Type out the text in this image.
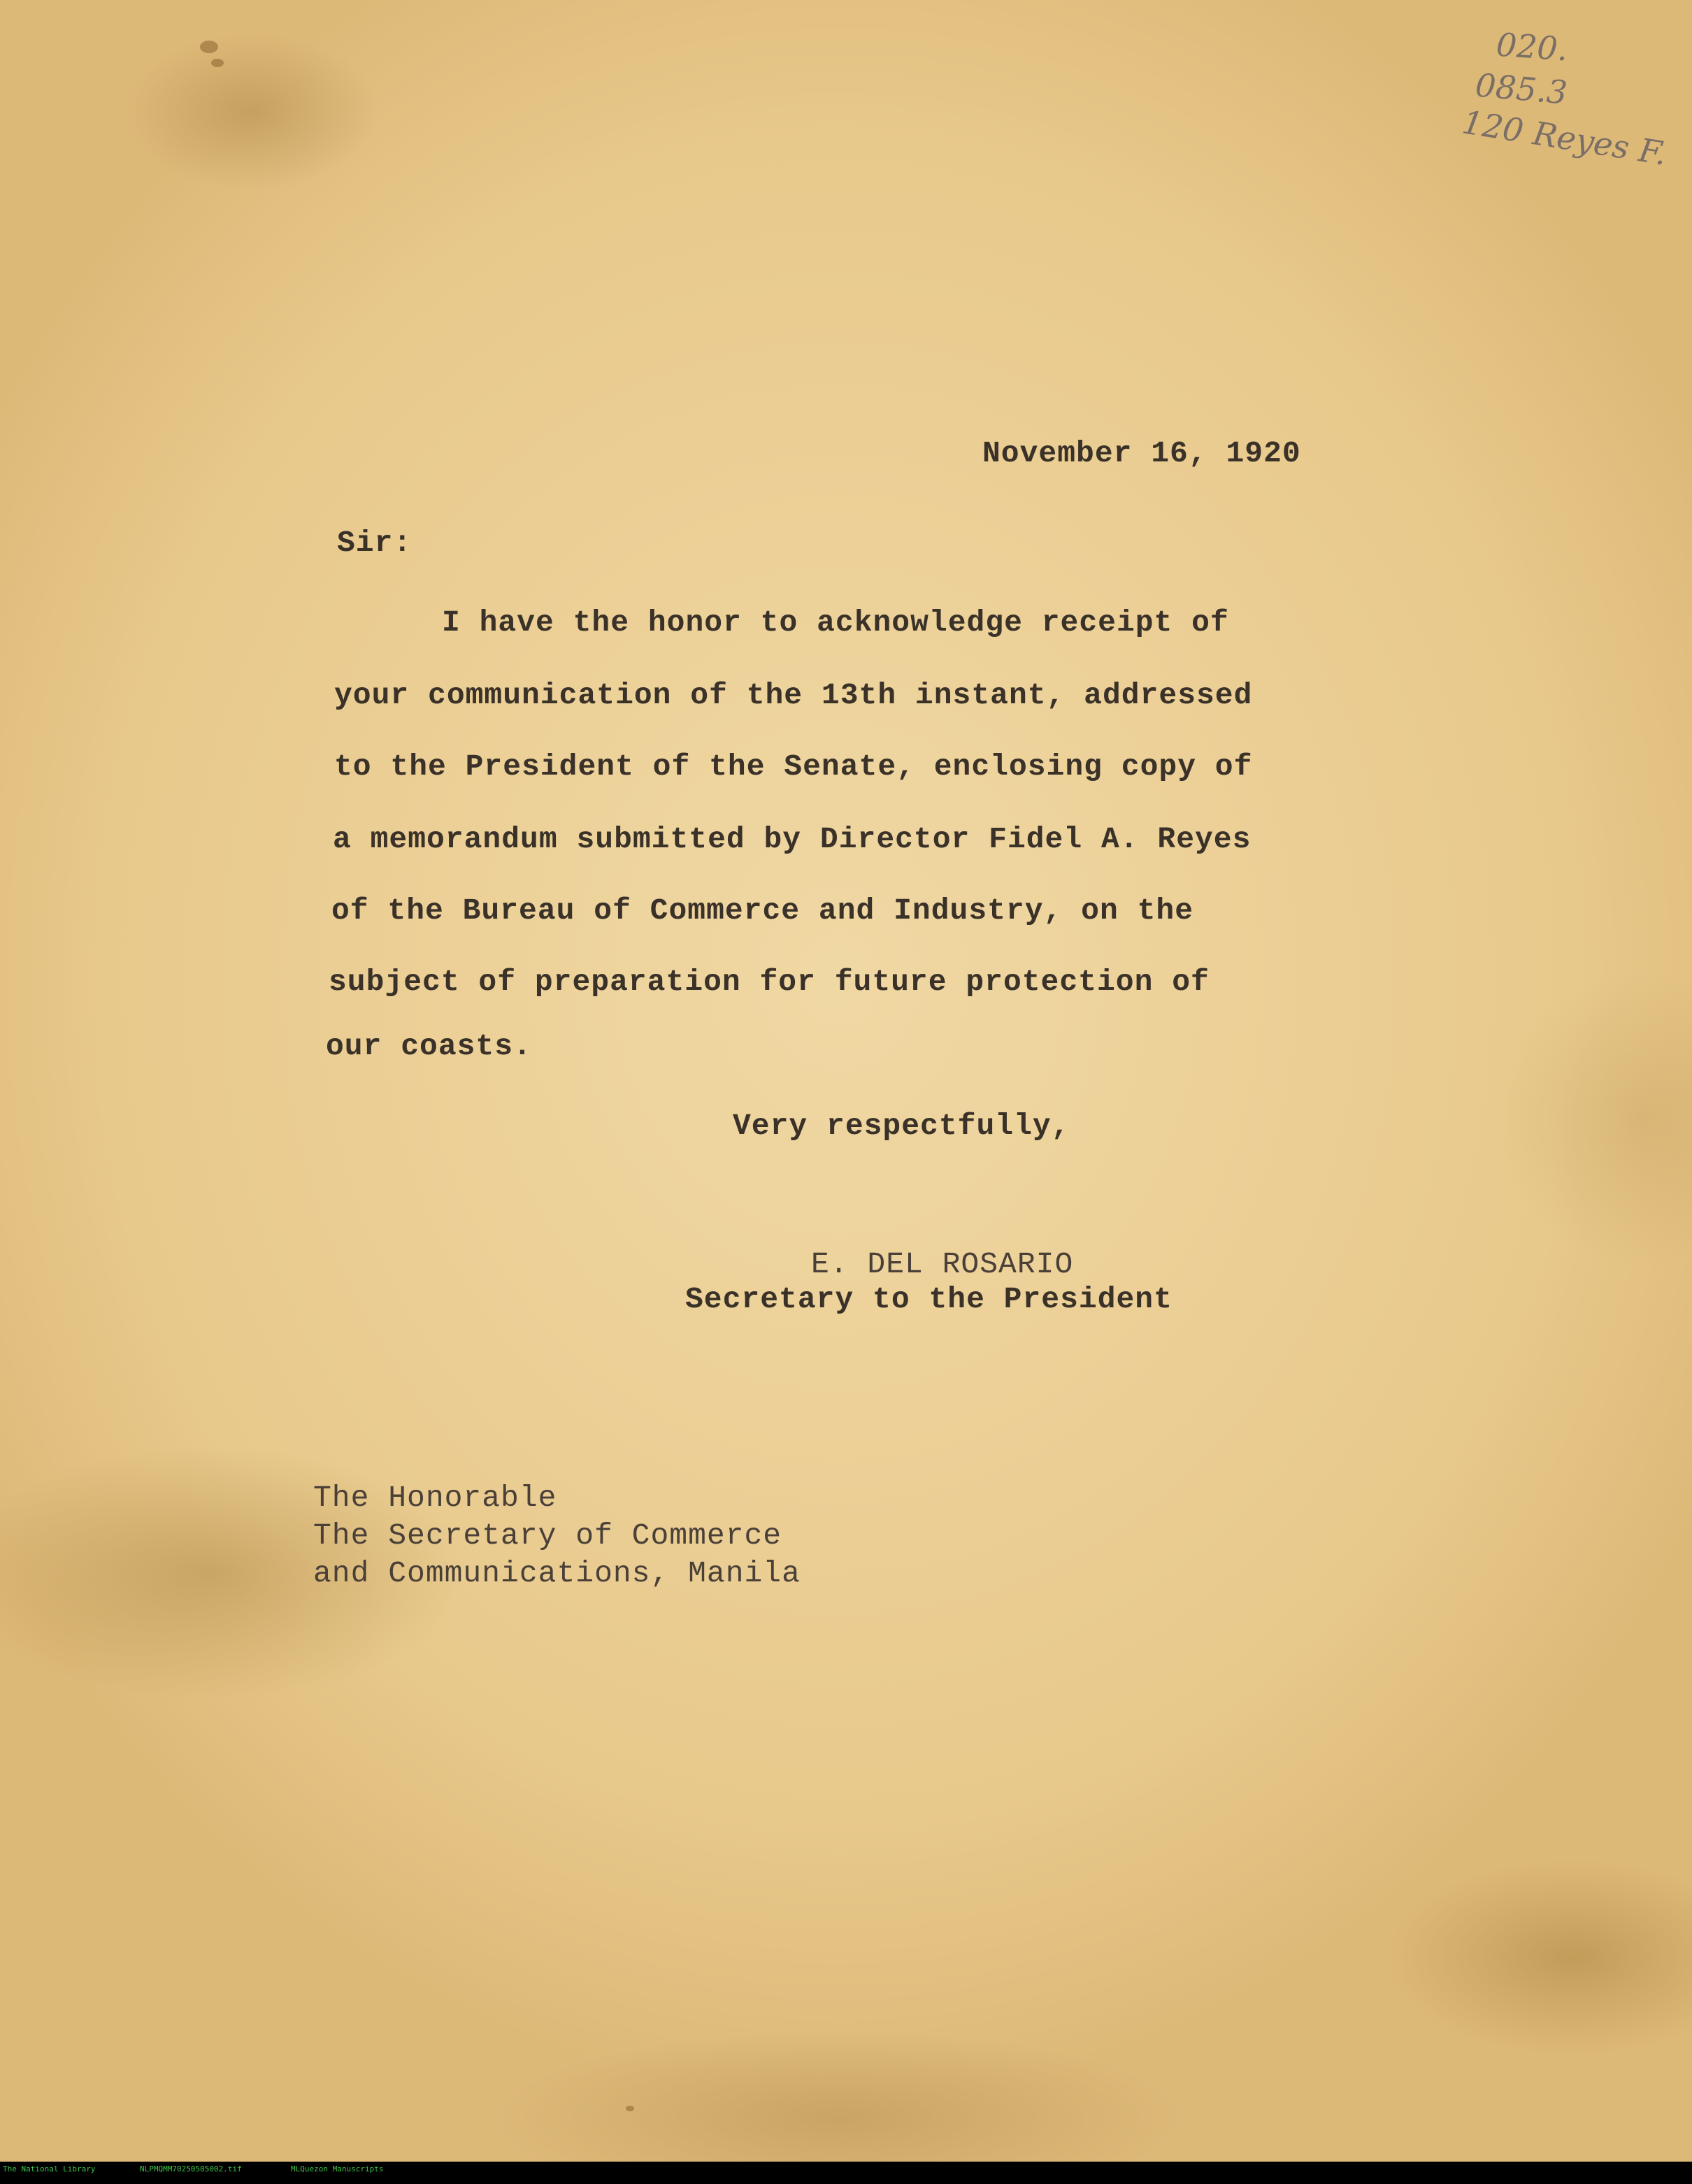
020.
085.3
120 Reyes F.

November 16, 1920

Sir:

I have the honor to acknowledge receipt of

your communication of the 13th instant, addressed

to the President of the Senate, enclosing copy of

a memorandum submitted by Director Fidel A. Reyes

of the Bureau of Commerce and Industry, on the

subject of preparation for future protection of

our coasts.

Very respectfully,

E. DEL ROSARIO

Secretary to the President

The Honorable

The Secretary of Commerce

and Communications, Manila

The National Library	NLPMQMM70250505002.tif	MLQuezon Manuscripts
